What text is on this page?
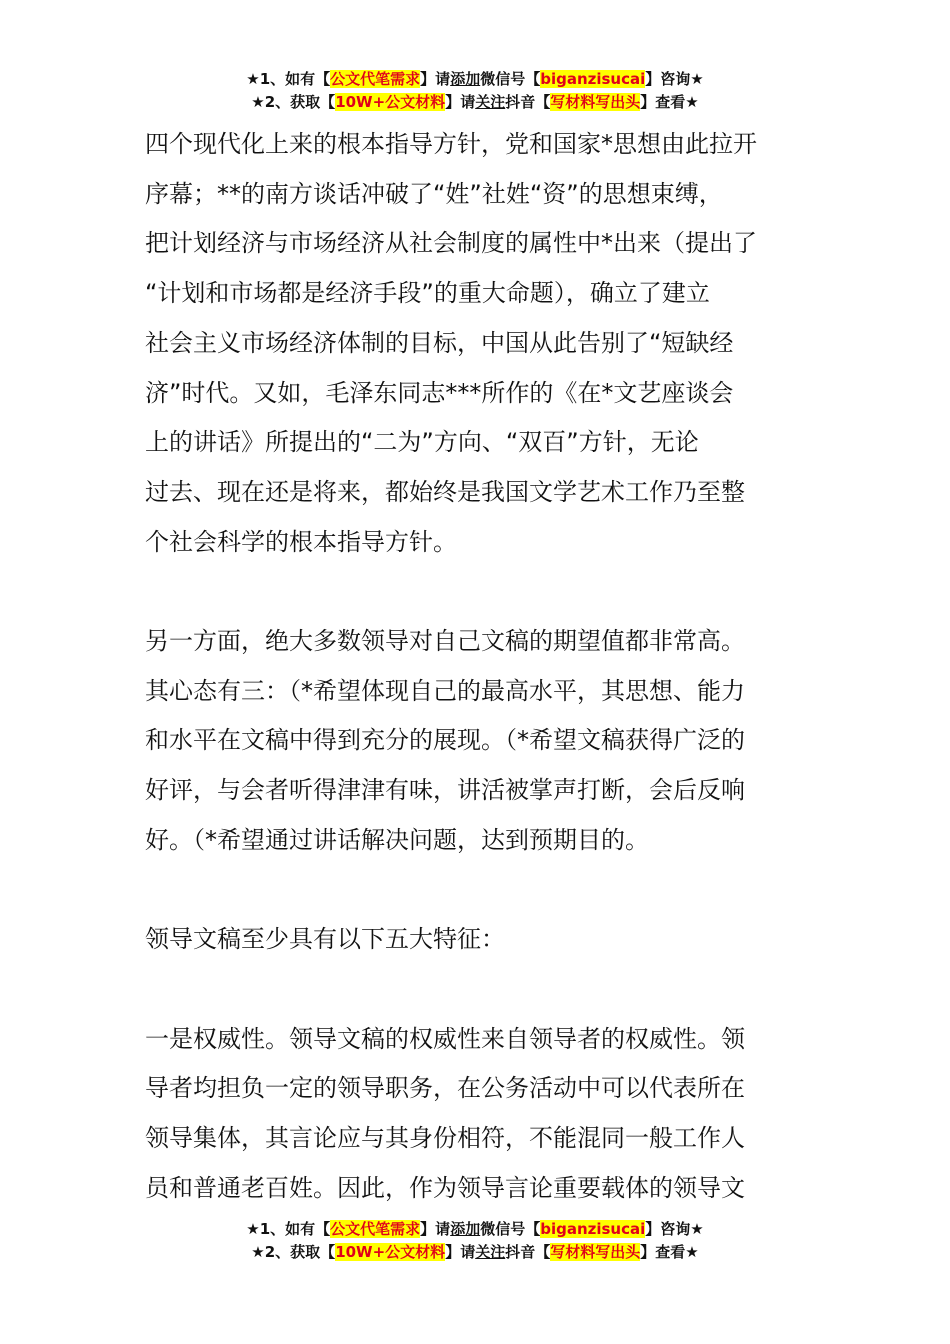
★1、如有【公文代笔需求】请添加微信号【biganzisucai】咨询★
★2、获取【10W+公文材料】请关注抖音【写材料写出头】查看★

四个现代化上来的根本指导方针，党和国家*思想由此拉开

序幕；**的南方谈话冲破了“姓”社姓“资”的思想束缚，

把计划经济与市场经济从社会制度的属性中*出来（提出了

“计划和市场都是经济手段”的重大命题），确立了建立

社会主义市场经济体制的目标，中国从此告别了“短缺经

济”时代。又如，毛泽东同志***所作的《在*文艺座谈会

上的讲话》所提出的“二为”方向、“双百”方针，无论

过去、现在还是将来，都始终是我国文学艺术工作乃至整

个社会科学的根本指导方针。

另一方面，绝大多数领导对自己文稿的期望值都非常高。

其心态有三：（*希望体现自己的最高水平，其思想、能力

和水平在文稿中得到充分的展现。（*希望文稿获得广泛的

好评，与会者听得津津有味，讲活被掌声打断，会后反响

好。（*希望通过讲话解决问题，达到预期目的。

领导文稿至少具有以下五大特征：

一是权威性。领导文稿的权威性来自领导者的权威性。领

导者均担负一定的领导职务，在公务活动中可以代表所在

领导集体，其言论应与其身份相符，不能混同一般工作人

员和普通老百姓。因此，作为领导言论重要载体的领导文

★1、如有【公文代笔需求】请添加微信号【biganzisucai】咨询★
★2、获取【10W+公文材料】请关注抖音【写材料写出头】查看★
